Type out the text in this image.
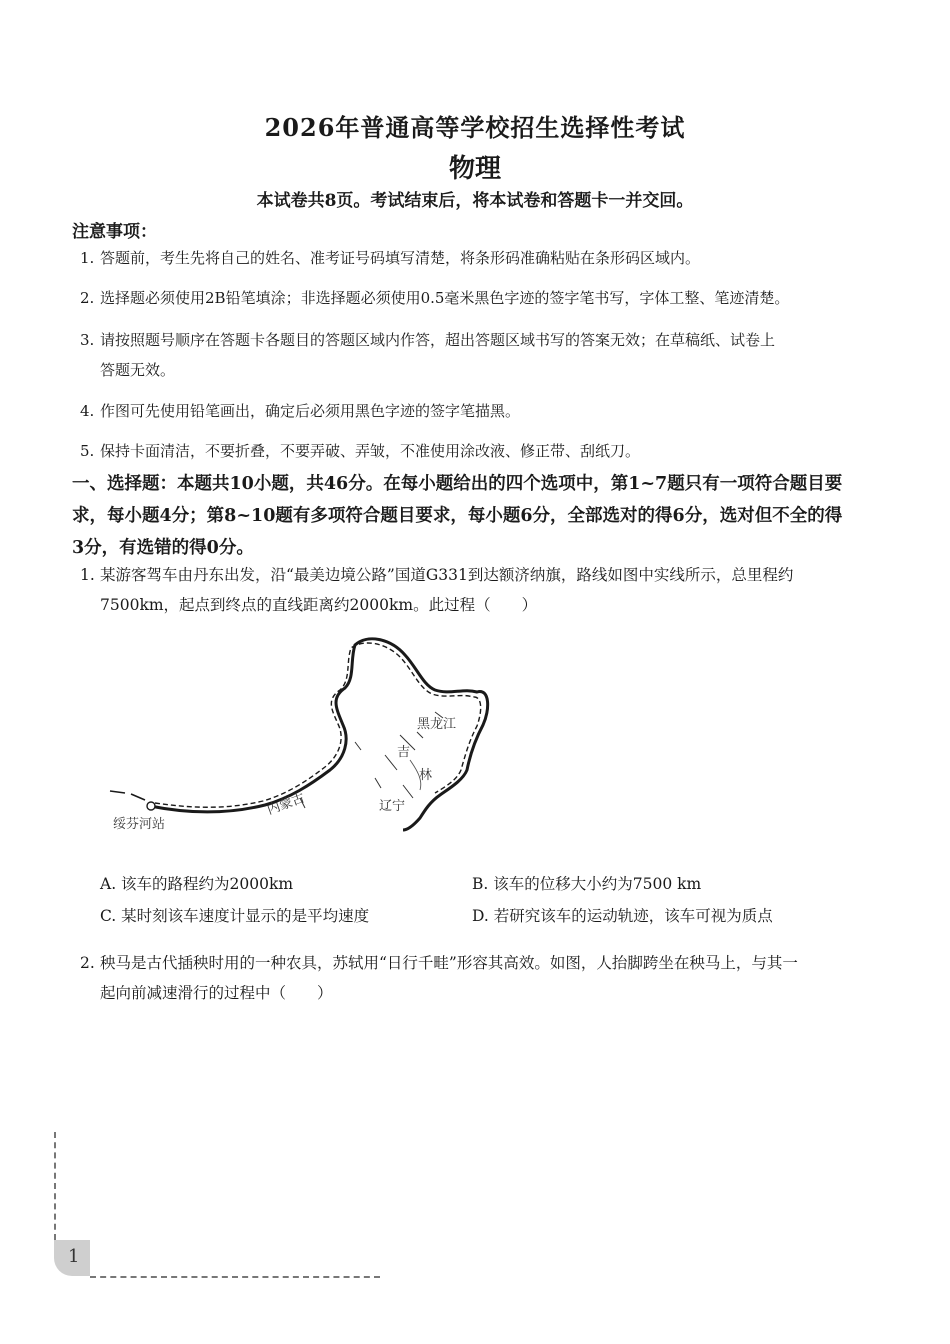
2026年普通高等学校招生选择性考试
物理
本试卷共8页。考试结束后，将本试卷和答题卡一并交回。
注意事项：
1. 答题前，考生先将自己的姓名、准考证号码填写清楚，将条形码准确粘贴在条形码区域内。
2. 选择题必须使用2B铅笔填涂；非选择题必须使用0.5毫米黑色字迹的签字笔书写，字体工整、笔迹清楚。
3. 请按照题号顺序在答题卡各题目的答题区域内作答，超出答题区域书写的答案无效；在草稿纸、试卷上
答题无效。
4. 作图可先使用铅笔画出，确定后必须用黑色字迹的签字笔描黑。
5. 保持卡面清洁，不要折叠，不要弄破、弄皱，不准使用涂改液、修正带、刮纸刀。
一、选择题：本题共10小题，共46分。在每小题给出的四个选项中，第1~7题只有一项符合题目要
求，每小题4分；第8~10题有多项符合题目要求，每小题6分，全部选对的得6分，选对但不全的得
3分，有选错的得0分。
1. 某游客驾车由丹东出发，沿“最美边境公路”国道G331到达额济纳旗，路线如图中实线所示，总里程约
7500km，起点到终点的直线距离约2000km。此过程（　　）
黑龙江
吉
林
辽宁
内蒙古
绥芬河站
A. 该车的路程约为2000km	B. 该车的位移大小约为7500 km
C. 某时刻该车速度计显示的是平均速度	D. 若研究该车的运动轨迹，该车可视为质点
2. 秧马是古代插秧时用的一种农具，苏轼用“日行千畦”形容其高效。如图，人抬脚跨坐在秧马上，与其一
起向前减速滑行的过程中（　　）
1
